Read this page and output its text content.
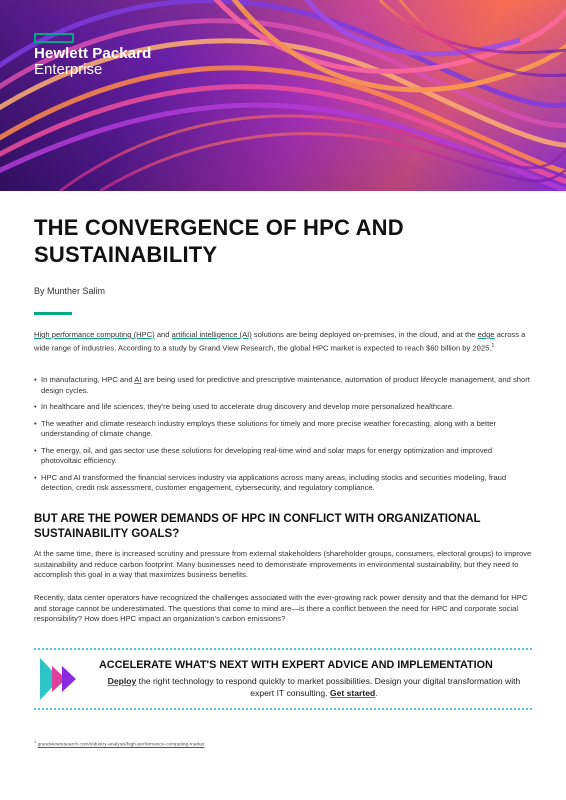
Hewlett Packard
Enterprise
THE CONVERGENCE OF HPC AND SUSTAINABILITY
By Munther Salim
High performance computing (HPC) and artificial intelligence (AI) solutions are being deployed on-premises, in the cloud, and at the edge across a wide range of industries. According to a study by Grand View Research, the global HPC market is expected to reach $60 billion by 2025.$^1$
• In manufacturing, HPC and AI are being used for predictive and prescriptive maintenance, automation of product lifecycle management, and short design cycles.
• In healthcare and life sciences, they're being used to accelerate drug discovery and develop more personalized healthcare.
• The weather and climate research industry employs these solutions for timely and more precise weather forecasting, along with a better understanding of climate change.
• The energy, oil, and gas sector use these solutions for developing real-time wind and solar maps for energy optimization and improved photovoltaic efficiency.
• HPC and AI transformed the financial services industry via applications across many areas, including stocks and securities modeling, fraud detection, credit risk assessment, customer engagement, cybersecurity, and regulatory compliance.
BUT ARE THE POWER DEMANDS OF HPC IN CONFLICT WITH ORGANIZATIONAL SUSTAINABILITY GOALS?
At the same time, there is increased scrutiny and pressure from external stakeholders (shareholder groups, consumers, electoral groups) to improve sustainability and reduce carbon footprint. Many businesses need to demonstrate improvements in environmental sustainability, but they need to accomplish this goal in a way that maximizes business benefits.
Recently, data center operators have recognized the challenges associated with the ever-growing rack power density and that the demand for HPC and storage cannot be underestimated. The questions that come to mind are—is there a conflict between the need for HPC and corporate social responsibility? How does HPC impact an organization's carbon emissions?
ACCELERATE WHAT'S NEXT WITH EXPERT ADVICE AND IMPLEMENTATION
Deploy the right technology to respond quickly to market possibilities. Design your digital transformation with expert IT consulting. Get started.
$^1$ grandviewresearch.com/industry-analysis/high-performance-computing-market
